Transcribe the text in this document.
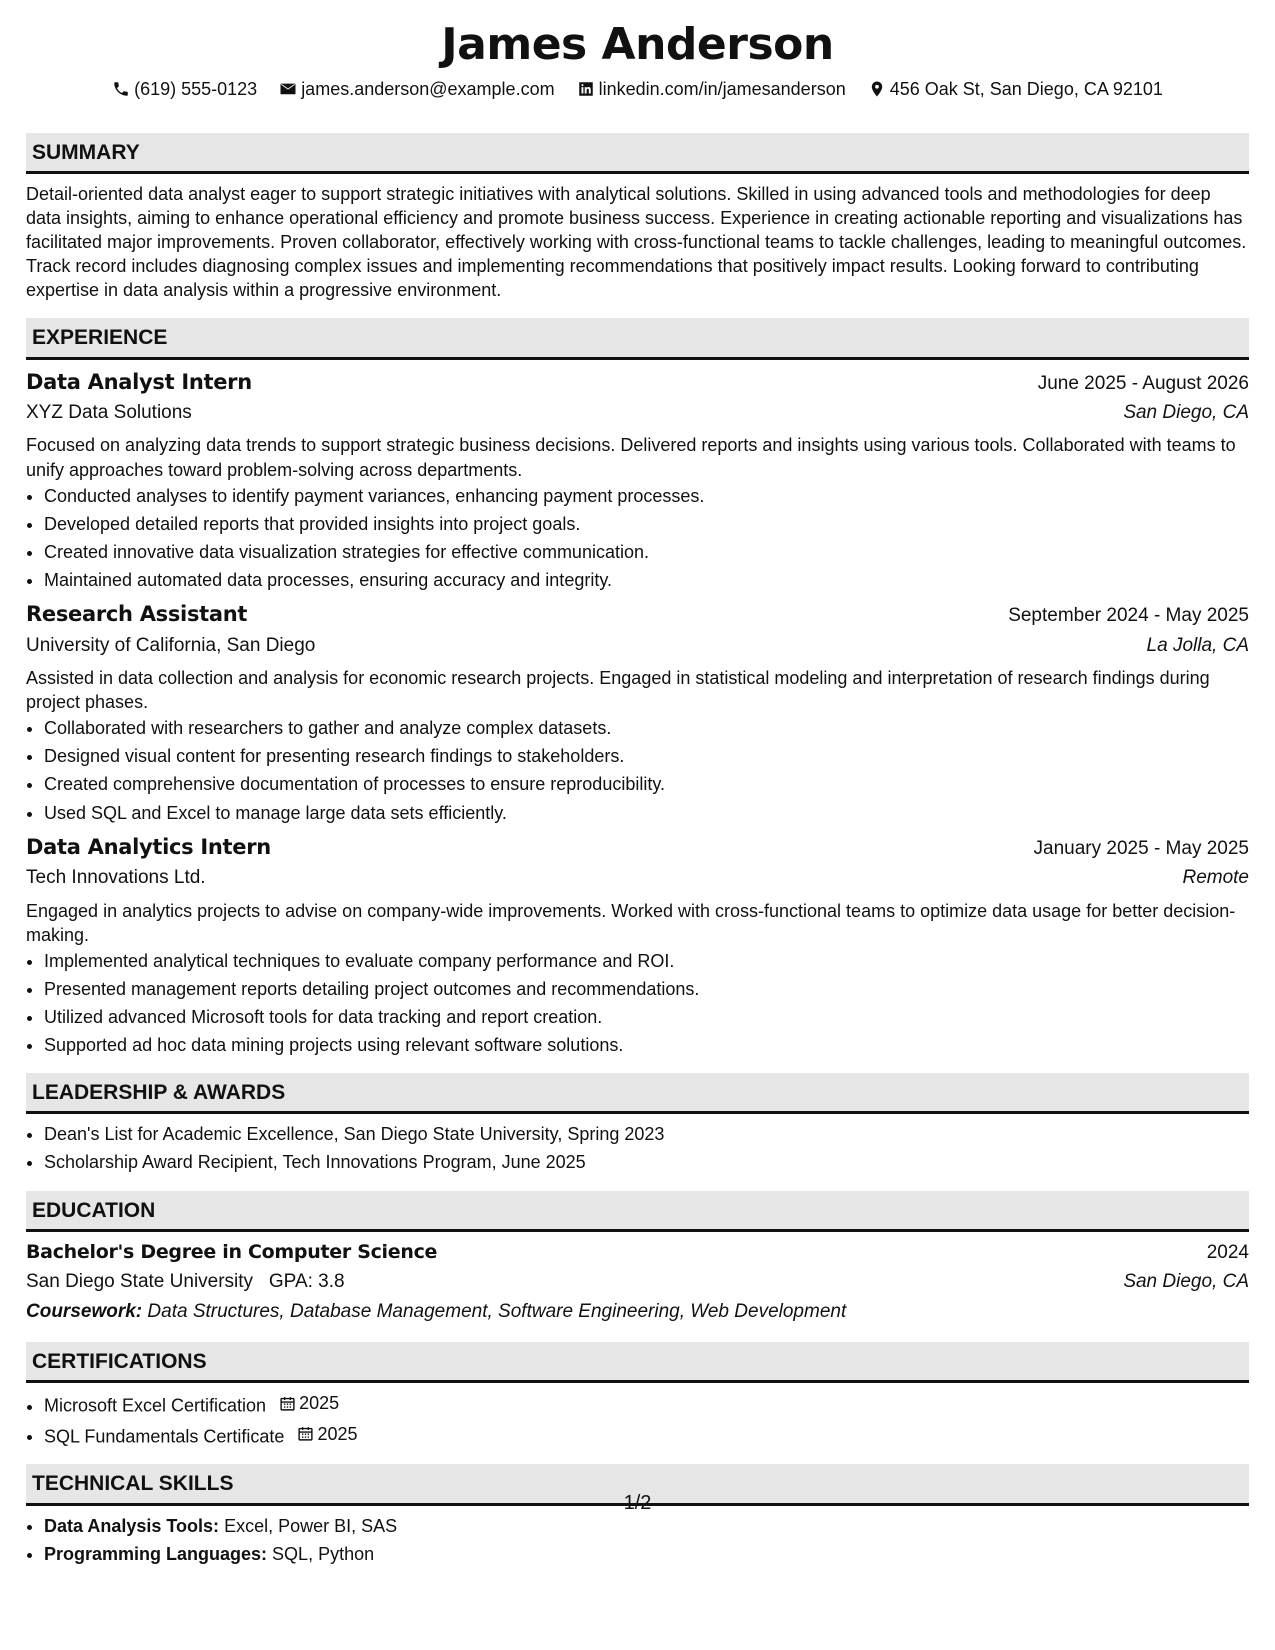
James Anderson
(619) 555-0123 james.anderson@example.com linkedin.com/in/jamesanderson 456 Oak St, San Diego, CA 92101
SUMMARY

Detail-oriented data analyst eager to support strategic initiatives with analytical solutions. Skilled in using advanced tools and methodologies for deep data insights, aiming to enhance operational efficiency and promote business success. Experience in creating actionable reporting and visualizations has facilitated major improvements. Proven collaborator, effectively working with cross-functional teams to tackle challenges, leading to meaningful outcomes. Track record includes diagnosing complex issues and implementing recommendations that positively impact results. Looking forward to contributing expertise in data analysis within a progressive environment.

EXPERIENCE
Data Analyst Intern	June 2025 - August 2026
XYZ Data Solutions	San Diego, CA

Focused on analyzing data trends to support strategic business decisions. Delivered reports and insights using various tools. Collaborated with teams to unify approaches toward problem-solving across departments.

• Conducted analyses to identify payment variances, enhancing payment processes.
• Developed detailed reports that provided insights into project goals.
• Created innovative data visualization strategies for effective communication.
• Maintained automated data processes, ensuring accuracy and integrity.
Research Assistant	September 2024 - May 2025
University of California, San Diego	La Jolla, CA

Assisted in data collection and analysis for economic research projects. Engaged in statistical modeling and interpretation of research findings during project phases.

• Collaborated with researchers to gather and analyze complex datasets.
• Designed visual content for presenting research findings to stakeholders.
• Created comprehensive documentation of processes to ensure reproducibility.
• Used SQL and Excel to manage large data sets efficiently.
Data Analytics Intern	January 2025 - May 2025
Tech Innovations Ltd.	Remote

Engaged in analytics projects to advise on company-wide improvements. Worked with cross-functional teams to optimize data usage for better decision-making.

• Implemented analytical techniques to evaluate company performance and ROI.
• Presented management reports detailing project outcomes and recommendations.
• Utilized advanced Microsoft tools for data tracking and report creation.
• Supported ad hoc data mining projects using relevant software solutions.
LEADERSHIP & AWARDS
• Dean's List for Academic Excellence, San Diego State University, Spring 2023
• Scholarship Award Recipient, Tech Innovations Program, June 2025
EDUCATION
Bachelor's Degree in Computer Science	2024
San Diego State University GPA: 3.8	San Diego, CA
Coursework: Data Structures, Database Management, Software Engineering, Web Development
CERTIFICATIONS
• Microsoft Excel Certification 2025
• SQL Fundamentals Certificate 2025
TECHNICAL SKILLS
• Data Analysis Tools: Excel, Power BI, SAS
• Programming Languages: SQL, Python
1/2
